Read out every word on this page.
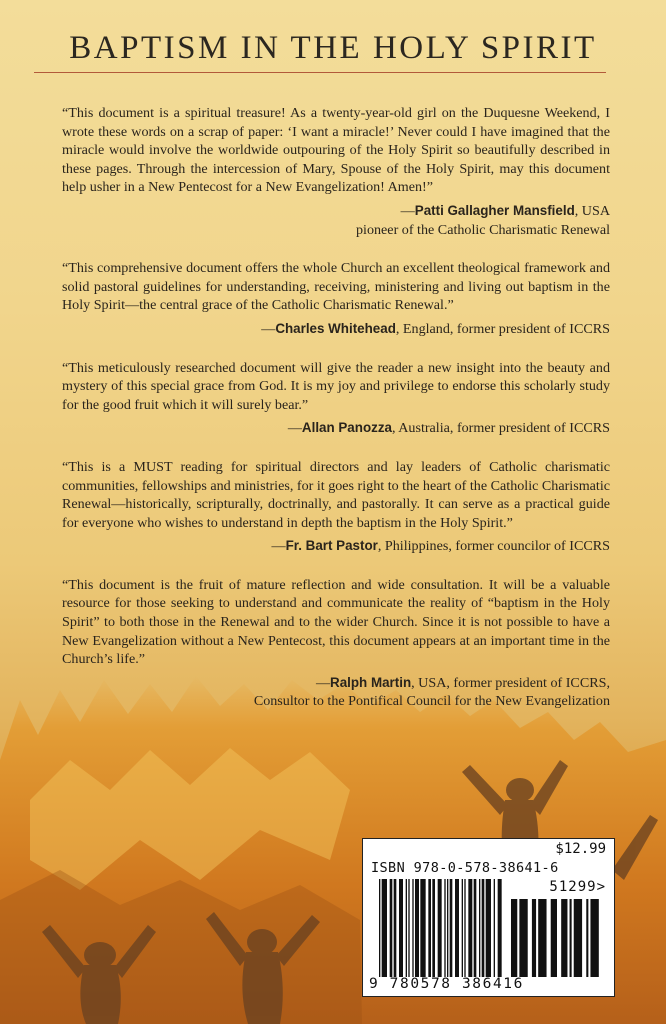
BAPTISM IN THE HOLY SPIRIT

“This document is a spiritual treasure! As a twenty-year-old girl on the Duquesne Weekend, I wrote these words on a scrap of paper: ‘I want a miracle!’ Never could I have imagined that the miracle would involve the worldwide outpouring of the Holy Spirit so beautifully described in these pages. Through the intercession of Mary, Spouse of the Holy Spirit, may this document help usher in a New Pentecost for a New Evangelization! Amen!”

—Patti Gallagher Mansfield, USA
pioneer of the Catholic Charismatic Renewal

“This comprehensive document offers the whole Church an excellent theological framework and solid pastoral guidelines for understanding, receiving, ministering and living out baptism in the Holy Spirit—the central grace of the Catholic Charismatic Renewal.”

—Charles Whitehead, England, former president of ICCRS

“This meticulously researched document will give the reader a new insight into the beauty and mystery of this special grace from God. It is my joy and privilege to endorse this scholarly study for the good fruit which it will surely bear.”

—Allan Panozza, Australia, former president of ICCRS

“This is a MUST reading for spiritual directors and lay leaders of Catholic charismatic communities, fellowships and ministries, for it goes right to the heart of the Catholic Charismatic Renewal—historically, scripturally, doctrinally, and pastorally. It can serve as a practical guide for everyone who wishes to understand in depth the baptism in the Holy Spirit.”

—Fr. Bart Pastor, Philippines, former councilor of ICCRS

“This document is the fruit of mature reflection and wide consultation. It will be a valuable resource for those seeking to understand and communicate the reality of “baptism in the Holy Spirit” to both those in the Renewal and to the wider Church. Since it is not possible to have a New Evangelization without a New Pentecost, this document appears at an important time in the Church’s life.”

—Ralph Martin, USA, former president of ICCRS,
Consultor to the Pontifical Council for the New Evangelization
$12.99
ISBN 978-0-578-38641-6
51299>
9 780578 386416
